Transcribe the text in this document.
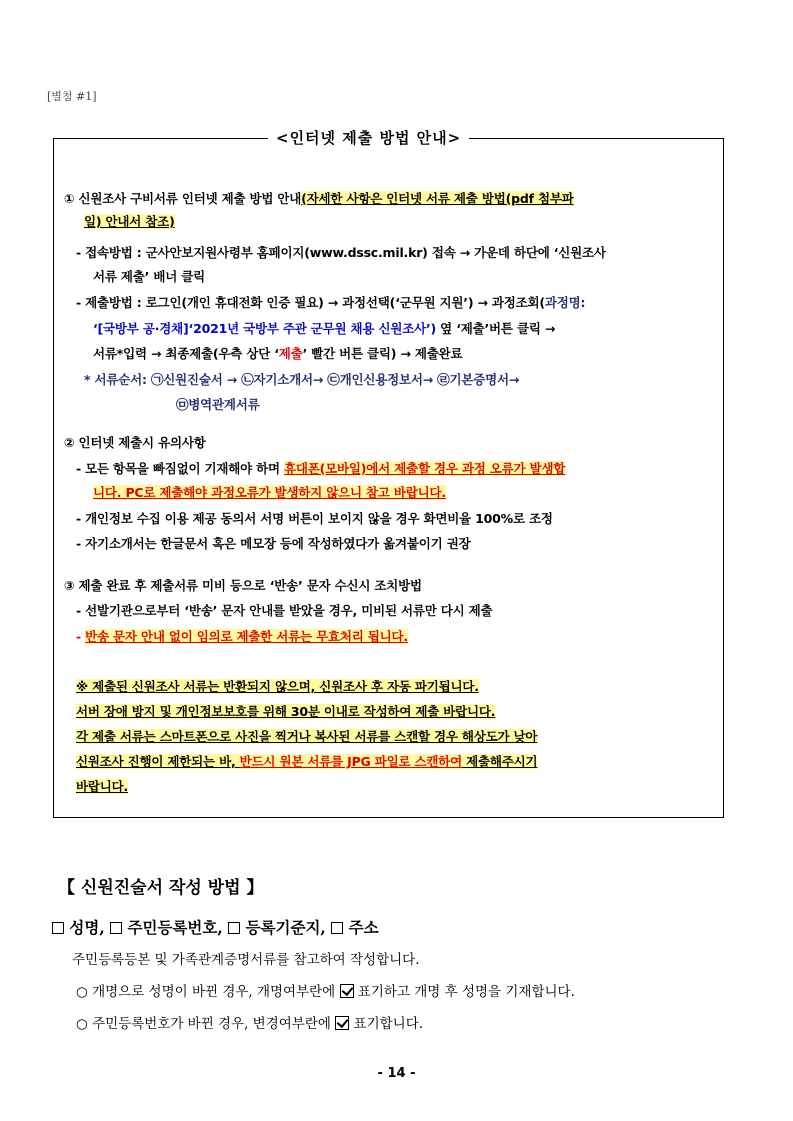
[별첨 #1]
<인터넷 제출 방법 안내>
① 신원조사 구비서류 인터넷 제출 방법 안내(자세한 사항은 인터넷 서류 제출 방법(pdf 첨부파
일) 안내서 참조)
- 접속방법 : 군사안보지원사령부 홈페이지(www.dssc.mil.kr) 접속 → 가운데 하단에 ‘신원조사
서류 제출’ 배너 클릭
- 제출방법 : 로그인(개인 휴대전화 인증 필요) → 과정선택(‘군무원 지원’) → 과정조회(과정명:
‘[국방부 공·경채]‘2021년 국방부 주관 군무원 채용 신원조사’) 옆 ‘제출’버튼 클릭 →
서류*입력 → 최종제출(우측 상단 ‘제출’ 빨간 버튼 클릭) → 제출완료
* 서류순서: ㉠신원진술서 → ㉡자기소개서→ ㉢개인신용정보서→ ㉣기본증명서→
㉤병역관계서류
② 인터넷 제출시 유의사항
- 모든 항목을 빠짐없이 기재해야 하며 휴대폰(모바일)에서 제출할 경우 과정 오류가 발생합
니다. PC로 제출해야 과정오류가 발생하지 않으니 참고 바랍니다.
- 개인정보 수집 이용 제공 동의서 서명 버튼이 보이지 않을 경우 화면비율 100%로 조정
- 자기소개서는 한글문서 혹은 메모장 등에 작성하였다가 옮겨붙이기 권장
③ 제출 완료 후 제출서류 미비 등으로 ‘반송’ 문자 수신시 조치방법
- 선발기관으로부터 ‘반송’ 문자 안내를 받았을 경우, 미비된 서류만 다시 제출
- 반송 문자 안내 없이 임의로 제출한 서류는 무효처리 됩니다.
※ 제출된 신원조사 서류는 반환되지 않으며, 신원조사 후 자동 파기됩니다.
서버 장애 방지 및 개인정보보호를 위해 30분 이내로 작성하여 제출 바랍니다.
각 제출 서류는 스마트폰으로 사진을 찍거나 복사된 서류를 스캔할 경우 해상도가 낮아
신원조사 진행이 제한되는 바, 반드시 원본 서류를 JPG 파일로 스캔하여 제출해주시기
바랍니다.
【 신원진술서 작성 방법 】
성명,  주민등록번호,  등록기준지,  주소
주민등록등본 및 가족관계증명서류를 참고하여 작성합니다.
○ 개명으로 성명이 바뀐 경우, 개명여부란에  표기하고 개명 후 성명을 기재합니다.
○ 주민등록번호가 바뀐 경우, 변경여부란에  표기합니다.
- 14 -
